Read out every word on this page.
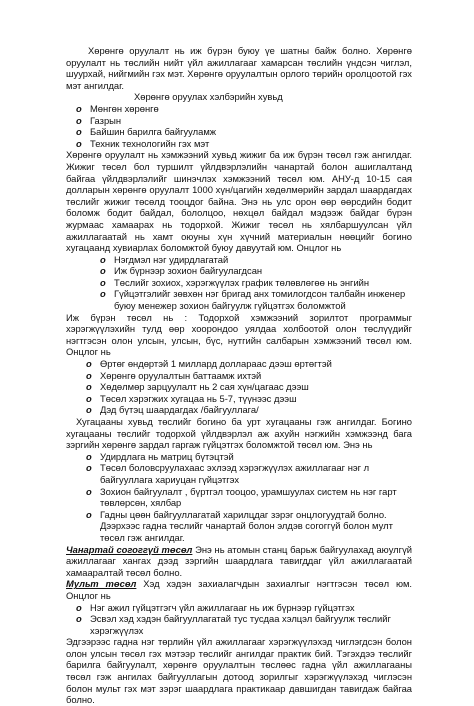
Хөрөнгө оруулалт нь иж бүрэн буюу үе шатны байж болно. Хөрөнгө оруулалт нь төслийн нийт үйл ажиллагааг хамарсан төслийн үндсэн чиглэл, шуурхай, нийгмийн гэх мэт. Хөрөнгө оруулалтын орлого төрийн оролцоотой гэх мэт ангилдаг.

Хөрөнгө оруулах хэлбэрийн хувьд

o Мөнгөн хөрөнгө
o Газрын
o Байшин барилга байгууламж
o Техник технологийн гэх мэт

Хөрөнгө оруулалт нь хэмжээний хувьд жижиг ба иж бүрэн төсөл гэж ангилдаг. Жижиг төсөл бол туршилт үйлдвэрлэлийн чанартай болон ашиглалтанд байгаа үйлдвэрлэлийг шинэчлэх хэмжээний төсөл юм. АНУ-д 10-15 сая долларын хөрөнгө оруулалт 1000 хүн/цагийн хөдөлмөрийн зардал шаардагдах төслийг жижиг төсөлд тооцдог байна. Энэ нь улс орон өөр өөрсдийн бодит боломж бодит байдал, бололцоо, нөхцөл байдал мэдээж байдаг бүрэн журмаас хамаарах нь тодорхой. Жижиг төсөл нь хялбаршуулсан үйл ажиллагаатай нь хамт оюуны хүн хүчний материалын нөөцийг богино хугацаанд хувиарлах боломжтой буюу давуутай юм. Онцлог нь

o Нэгдмэл нэг удирдлагатай
o Иж бүрнээр зохион байгуулагдсан
o Төслийг зохиох, хэрэгжүүлэх график төлөвлөгөө нь энгийн
o Гүйцэтгэлийг зөвхөн нэг бригад анх томилогдсон талбайн инженер буюу менежер зохион байгуулж гүйцэтгэх боломжтой

Иж бүрэн төсөл нь : Тодорхой хэмжээний зорилтот программыг хэрэгжүүлэхийн тулд өөр хоорондоо уялдаа холбоотой олон төслүүдийг нэгтгэсэн олон улсын, улсын, бүс, нутгийн салбарын хэмжээний төсөл юм. Онцлог нь

o Өртөг өндөртэй 1 миллард доллараас дээш өртөгтэй
o Хөрөнгө оруулалтын баттаамж ихтэй
o Хөдөлмөр зарцуулалт нь 2 сая хүн/цагаас дээш
o Төсөл хэрэгжих хугацаа нь 5-7, түүнээс дээш
o Дэд бүтэц шаардагдах /байгууллага/

Хугацааны хувьд төслийг богино ба урт хугацааны гэж ангилдаг. Богино хугацааны төслийг тодорхой үйлдвэрлэл аж ахуйн нэгжийн хэмжээнд бага зэргийн хөрөнгө зардал гаргаж гүйцэтгэх боломжтой төсөл юм. Энэ нь

o Удирдлага нь матриц бүтэцтэй
o Төсөл боловсруулахаас эхлээд хэрэгжүүлэх ажиллагааг нэг л байгууллага хариуцан гүйцэтгэх
o Зохион байгуулалт , бүртгэл тооцоо, урамшуулах систем нь нэг гарт төвлөрсөн, хялбар
o Гадны цөөн байгууллагатай харилцдаг зэрэг онцлогуудтай болно. Дээрхээс гадна төслийг чанартай болон элдэв согоггүй болон мулт төсөл гэж ангилдаг.

Чанартай согоггүй төсөл Энэ нь атомын станц барьж байгуулахад аюулгүй ажиллагааг хангах дээд зэргийн шаардлага тавигддаг үйл ажиллагаатай хамааралтай төсөл болно.

Мульт төсөл Хэд хэдэн захиалагчдын захиалгыг нэгтгэсэн төсөл юм. Онцлог нь

o Нэг ажил гүйцэтгэгч үйл ажиллагааг нь иж бүрнээр гүйцэтгэх
o Эсвэл хэд хэдэн байгууллагатай тус тусдаа хэлцэл байгуулж төслийг хэрэгжүүлэх

Эдгээрээс гадна нэг төрлийн үйл ажиллагааг хэрэгжүүлэхэд чиглэгдсэн болон олон улсын төсөл гэх мэтээр төслийг ангилдаг практик бий. Тэгэхдээ төслийг барилга байгуулалт, хөрөнгө оруулалтын төслөөс гадна үйл ажиллагааны төсөл гэж ангилах байгууллагын дотоод зорилгыг хэрэгжүүлэхэд чиглэсэн болон мульт гэх мэт зэрэг шаардлага практикаар давшигдан тавигдаж байгаа болно.
